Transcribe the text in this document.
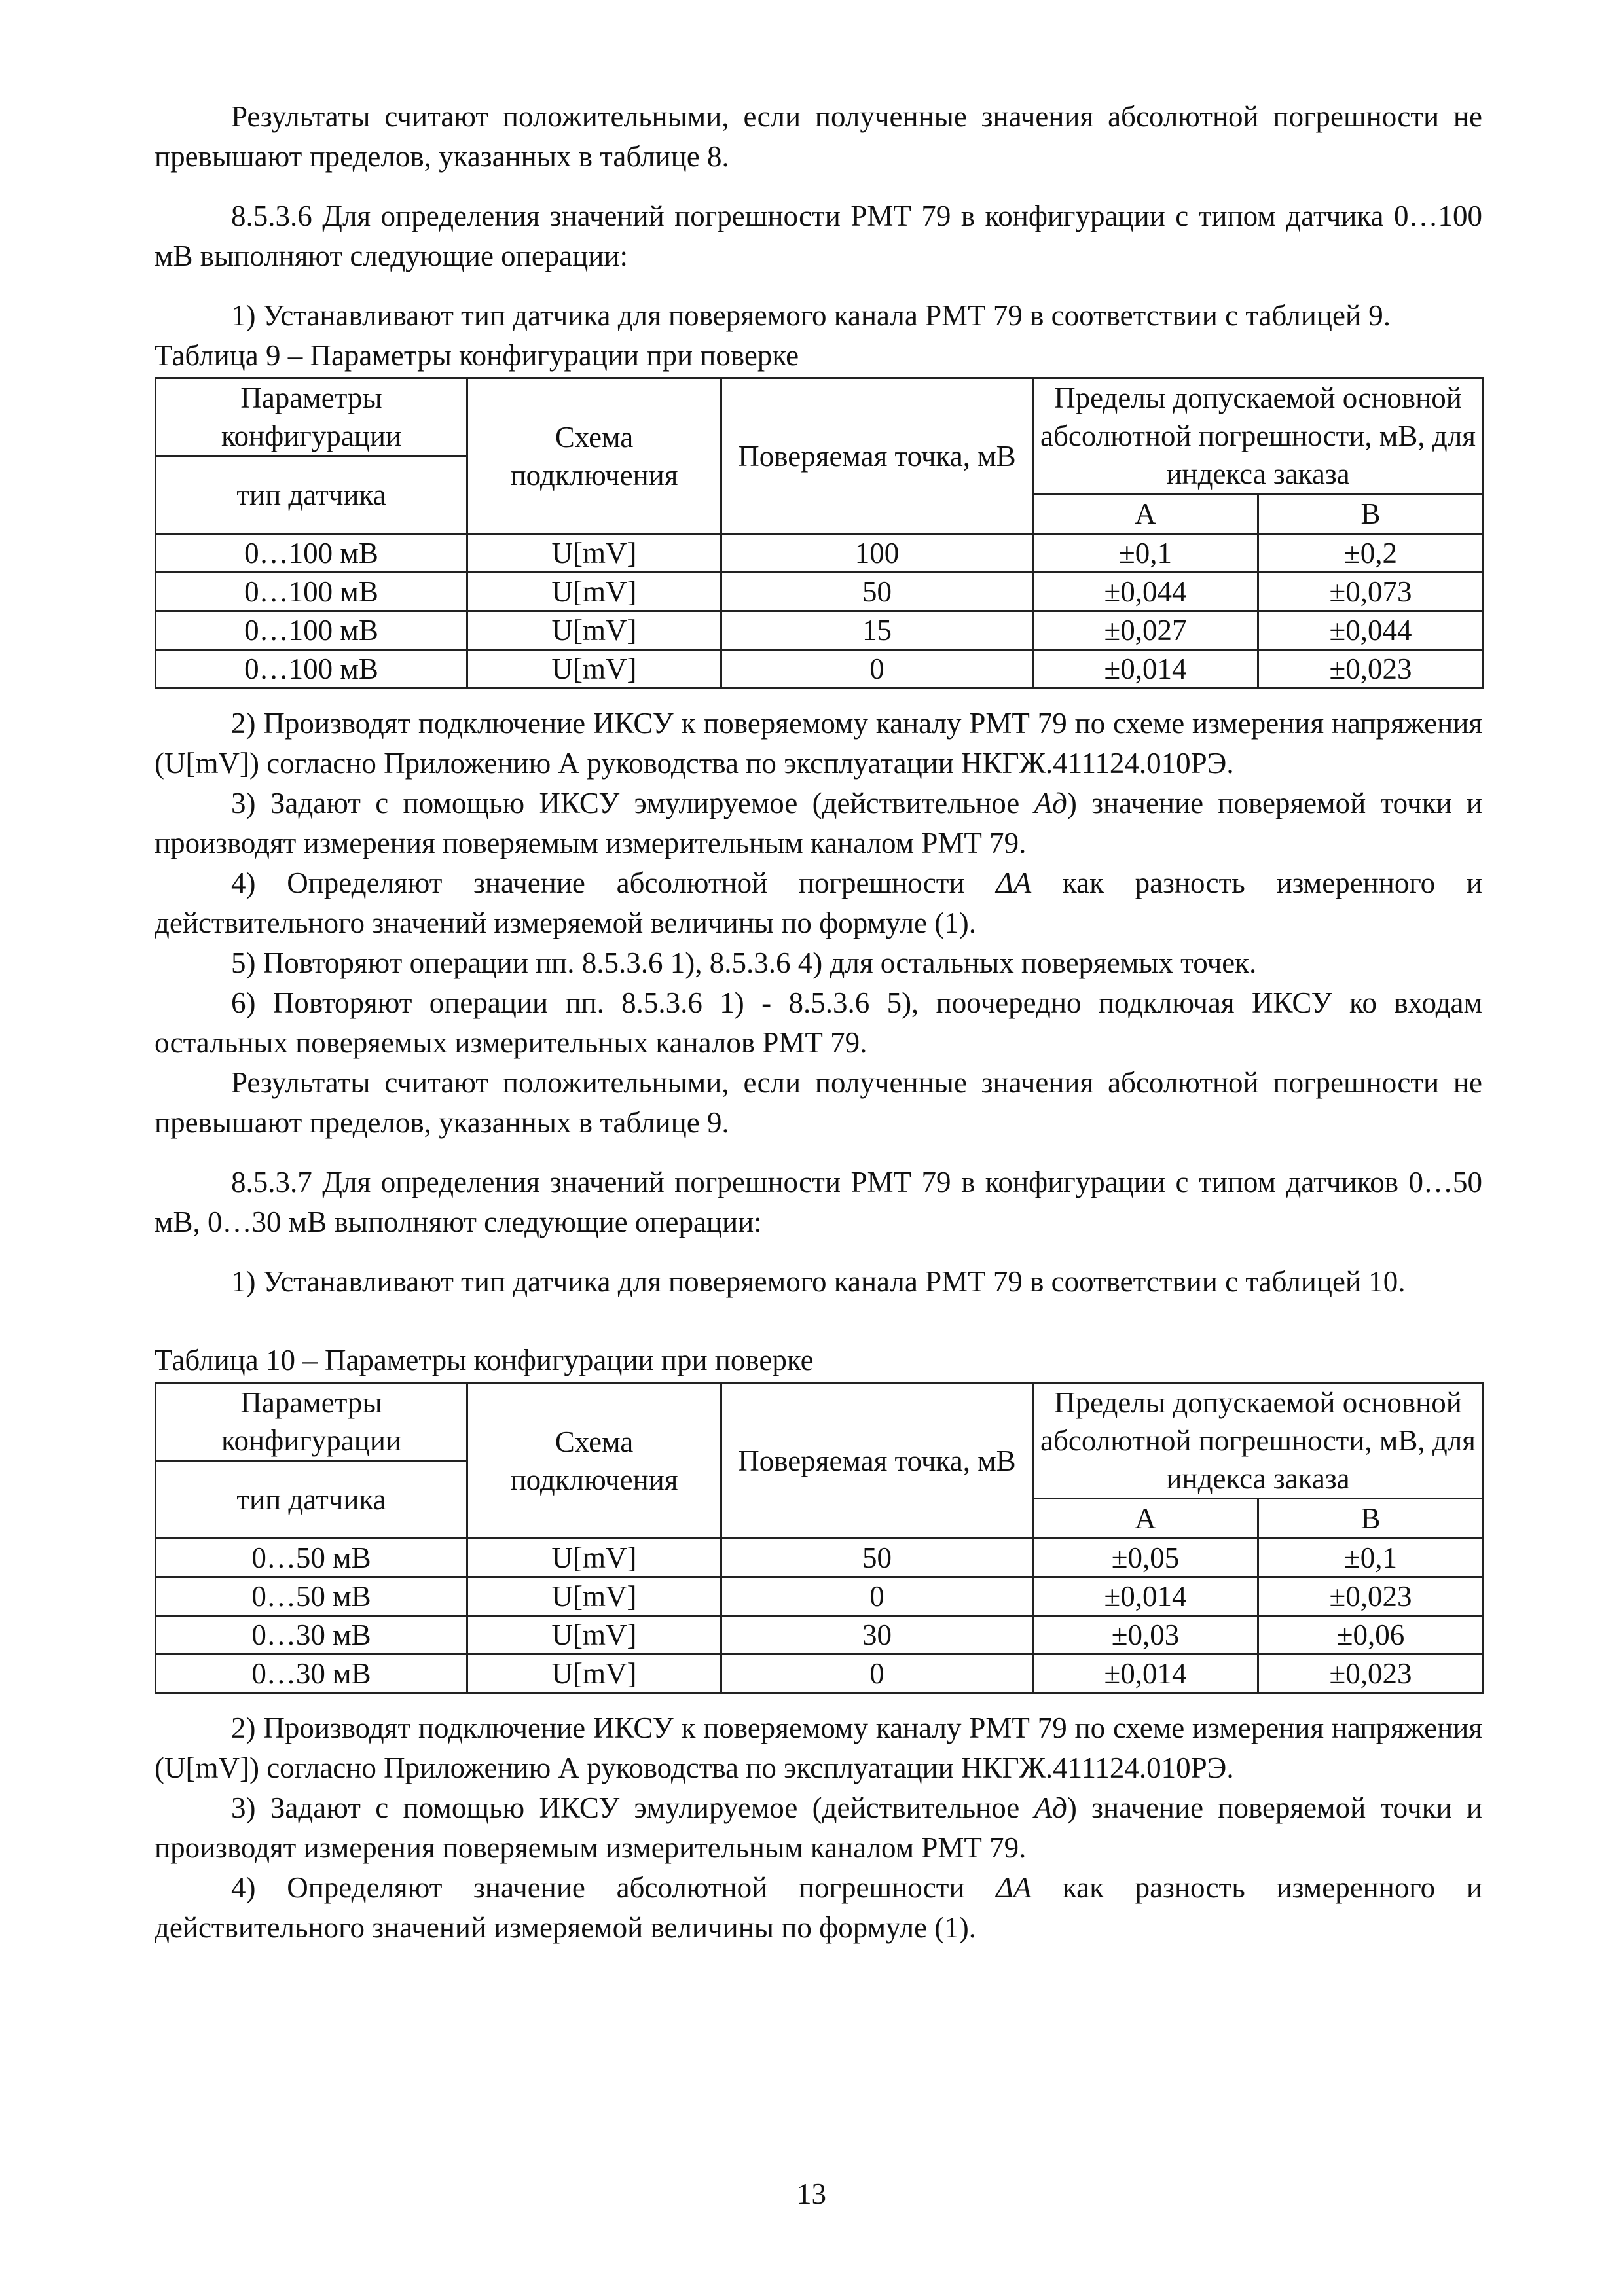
Результаты считают положительными, если полученные значения абсолютной погрешности не превышают пределов, указанных в таблице 8.

8.5.3.6 Для определения значений погрешности РМТ 79 в конфигурации с типом датчика 0…100 мВ выполняют следующие операции:

1) Устанавливают тип датчика для поверяемого канала РМТ 79 в соответствии с таблицей 9.

Таблица 9 – Параметры конфигурации при поверке

Параметры конфигурации	Схема подключения	Поверяемая точка, мВ	Пределы допускаемой основной абсолютной погрешности, мВ, для индекса заказа	

тип датчика				
			А	В
0…100 мВ	U[mV]	100	±0,1	±0,2
0…100 мВ	U[mV]	50	±0,044	±0,073
0…100 мВ	U[mV]	15	±0,027	±0,044
0…100 мВ	U[mV]	0	±0,014	±0,023

2) Производят подключение ИКСУ к поверяемому каналу РМТ 79 по схеме измерения напряжения (U[mV]) согласно Приложению А руководства по эксплуатации НКГЖ.411124.010РЭ.

3) Задают с помощью ИКСУ эмулируемое (действительное Aд) значение поверяемой точки и производят измерения поверяемым измерительным каналом РМТ 79.

4) Определяют значение абсолютной погрешности ΔA как разность измеренного и действительного значений измеряемой величины по формуле (1).

5) Повторяют операции пп. 8.5.3.6 1), 8.5.3.6 4) для остальных поверяемых точек.

6) Повторяют операции пп. 8.5.3.6 1) - 8.5.3.6 5), поочередно подключая ИКСУ ко входам остальных поверяемых измерительных каналов РМТ 79.

Результаты считают положительными, если полученные значения абсолютной погрешности не превышают пределов, указанных в таблице 9.

8.5.3.7 Для определения значений погрешности РМТ 79 в конфигурации с типом датчиков 0…50 мВ, 0…30 мВ выполняют следующие операции:

1) Устанавливают тип датчика для поверяемого канала РМТ 79 в соответствии с таблицей 10.

Таблица 10 – Параметры конфигурации при поверке

Параметры конфигурации	Схема подключения	Поверяемая точка, мВ	Пределы допускаемой основной абсолютной погрешности, мВ, для индекса заказа	

тип датчика				
			А	В
0…50 мВ	U[mV]	50	±0,05	±0,1
0…50 мВ	U[mV]	0	±0,014	±0,023
0…30 мВ	U[mV]	30	±0,03	±0,06
0…30 мВ	U[mV]	0	±0,014	±0,023

2) Производят подключение ИКСУ к поверяемому каналу РМТ 79 по схеме измерения напряжения (U[mV]) согласно Приложению А руководства по эксплуатации НКГЖ.411124.010РЭ.

3) Задают с помощью ИКСУ эмулируемое (действительное Aд) значение поверяемой точки и производят измерения поверяемым измерительным каналом РМТ 79.

4) Определяют значение абсолютной погрешности ΔA как разность измеренного и действительного значений измеряемой величины по формуле (1).

13
